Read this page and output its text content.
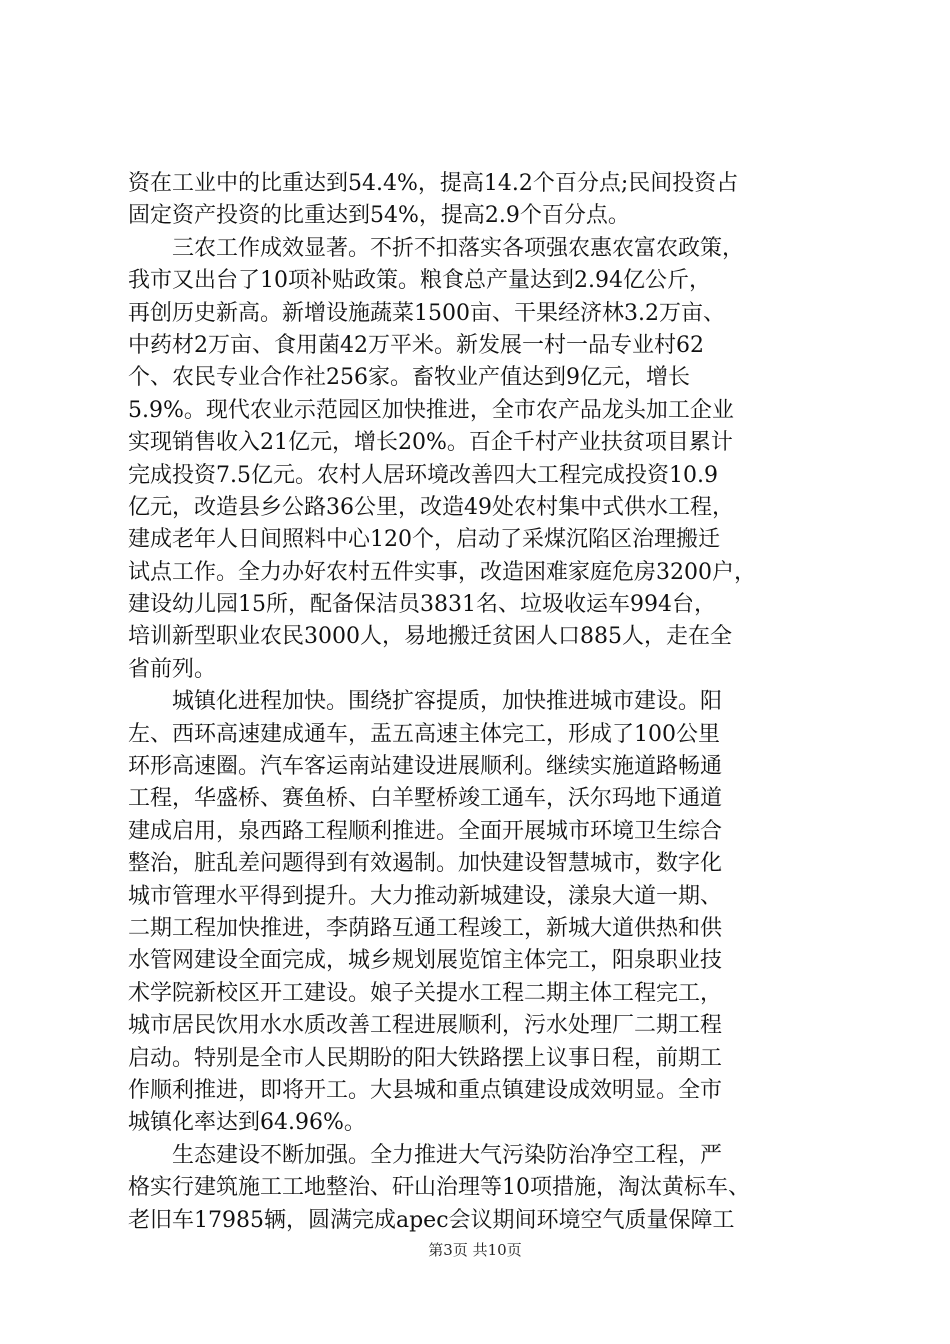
资在工业中的比重达到54.4%，提高14.2个百分点;民间投资占
固定资产投资的比重达到54%，提高2.9个百分点。
　　三农工作成效显著。不折不扣落实各项强农惠农富农政策，
我市又出台了10项补贴政策。粮食总产量达到2.94亿公斤，
再创历史新高。新增设施蔬菜1500亩、干果经济林3.2万亩、
中药材2万亩、食用菌42万平米。新发展一村一品专业村62
个、农民专业合作社256家。畜牧业产值达到9亿元，增长
5.9%。现代农业示范园区加快推进，全市农产品龙头加工企业
实现销售收入21亿元，增长20%。百企千村产业扶贫项目累计
完成投资7.5亿元。农村人居环境改善四大工程完成投资10.9
亿元，改造县乡公路36公里，改造49处农村集中式供水工程，
建成老年人日间照料中心120个，启动了采煤沉陷区治理搬迁
试点工作。全力办好农村五件实事，改造困难家庭危房3200户，
建设幼儿园15所，配备保洁员3831名、垃圾收运车994台，
培训新型职业农民3000人，易地搬迁贫困人口885人，走在全
省前列。
　　城镇化进程加快。围绕扩容提质，加快推进城市建设。阳
左、西环高速建成通车，盂五高速主体完工，形成了100公里
环形高速圈。汽车客运南站建设进展顺利。继续实施道路畅通
工程，华盛桥、赛鱼桥、白羊墅桥竣工通车，沃尔玛地下通道
建成启用，泉西路工程顺利推进。全面开展城市环境卫生综合
整治，脏乱差问题得到有效遏制。加快建设智慧城市，数字化
城市管理水平得到提升。大力推动新城建设，漾泉大道一期、
二期工程加快推进，李荫路互通工程竣工，新城大道供热和供
水管网建设全面完成，城乡规划展览馆主体完工，阳泉职业技
术学院新校区开工建设。娘子关提水工程二期主体工程完工，
城市居民饮用水水质改善工程进展顺利，污水处理厂二期工程
启动。特别是全市人民期盼的阳大铁路摆上议事日程，前期工
作顺利推进，即将开工。大县城和重点镇建设成效明显。全市
城镇化率达到64.96%。
　　生态建设不断加强。全力推进大气污染防治净空工程，严
格实行建筑施工工地整治、矸山治理等10项措施，淘汰黄标车、
老旧车17985辆，圆满完成apec会议期间环境空气质量保障工
第3页 共10页
